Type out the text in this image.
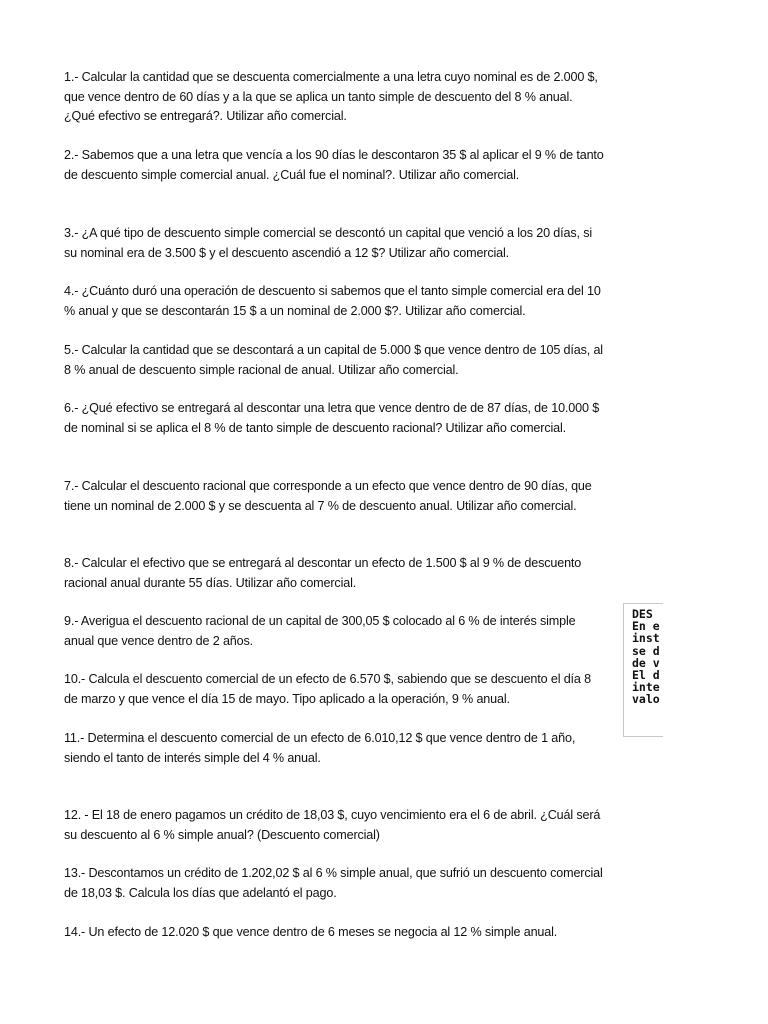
1.- Calcular la cantidad que se descuenta comercialmente a una letra cuyo nominal es de 2.000 $, que vence dentro de 60 días y a la que se aplica un tanto simple de descuento del 8 % anual. ¿Qué efectivo se entregará?. Utilizar año comercial.

2.- Sabemos que a una letra que vencía a los 90 días le descontaron 35 $ al aplicar el 9 % de tanto de descuento simple comercial anual. ¿Cuál fue el nominal?. Utilizar año comercial.

3.- ¿A qué tipo de descuento simple comercial se descontó un capital que venció a los 20 días, si su nominal era de 3.500 $ y el descuento ascendió a 12 $? Utilizar año comercial.

4.- ¿Cuánto duró una operación de descuento si sabemos que el tanto simple comercial era del 10 % anual y que se descontarán 15 $ a un nominal de 2.000 $?. Utilizar año comercial.

5.- Calcular la cantidad que se descontará a un capital de 5.000 $ que vence dentro de 105 días, al 8 % anual de descuento simple racional de anual. Utilizar año comercial.

6.- ¿Qué efectivo se entregará al descontar una letra que vence dentro de de 87 días, de 10.000 $ de nominal si se aplica el 8 % de tanto simple de descuento racional? Utilizar año comercial.

7.- Calcular el descuento racional que corresponde a un efecto que vence dentro de 90 días, que tiene un nominal de 2.000 $ y se descuenta al 7 % de descuento anual. Utilizar año comercial.

8.- Calcular el efectivo que se entregará al descontar un efecto de 1.500 $ al 9 % de descuento racional anual durante 55 días. Utilizar año comercial.

9.- Averigua el descuento racional de un capital de 300,05 $ colocado al 6 % de interés simple anual que vence dentro de 2 años.

10.- Calcula el descuento comercial de un efecto de 6.570 $, sabiendo que se descuento el día 8 de marzo y que vence el día 15 de mayo. Tipo aplicado a la operación, 9 % anual.

11.- Determina el descuento comercial de un efecto de 6.010,12 $ que vence dentro de 1 año, siendo el tanto de interés simple del 4 % anual.

12. - El 18 de enero pagamos un crédito de 18,03 $, cuyo vencimiento era el 6 de abril. ¿Cuál será su descuento al 6 % simple anual? (Descuento comercial)

13.- Descontamos un crédito de 1.202,02 $ al 6 % simple anual, que sufrió un descuento comercial de 18,03 $. Calcula los días que adelantó el pago.

14.- Un efecto de 12.020 $ que vence dentro de 6 meses se negocia al 12 % simple anual.

DES
En e
inst
se d
de v
El d
inte
valo
